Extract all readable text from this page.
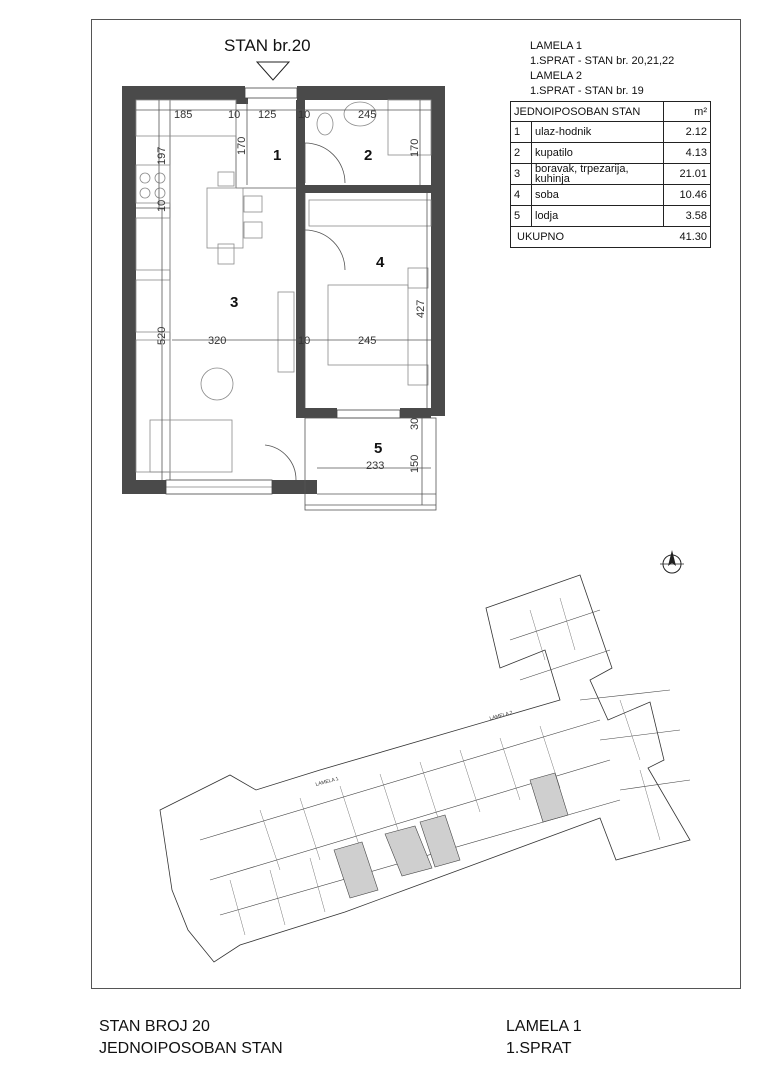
STAN br.20	LAMELA 1
1.SPRAT - STAN br. 20,21,22
LAMELA 2
1.SPRAT - STAN br. 19
JEDNOIPOSOBAN STAN		m²
1	ulaz-hodnik	2.12
2	kupatilo	4.13
3	boravak, trpezarija, kuhinja	21.01
4	soba	10.46
5	lodja	3.58
UKUPNO		41.30
185	10 125 10	245
197
170	170
520	320	10	245
427
30
233 150
10
1	2
3
4
5
LAMELA 1
LAMELA 2
STAN BROJ 20
JEDNOIPOSOBAN STAN
LAMELA 1
1.SPRAT
